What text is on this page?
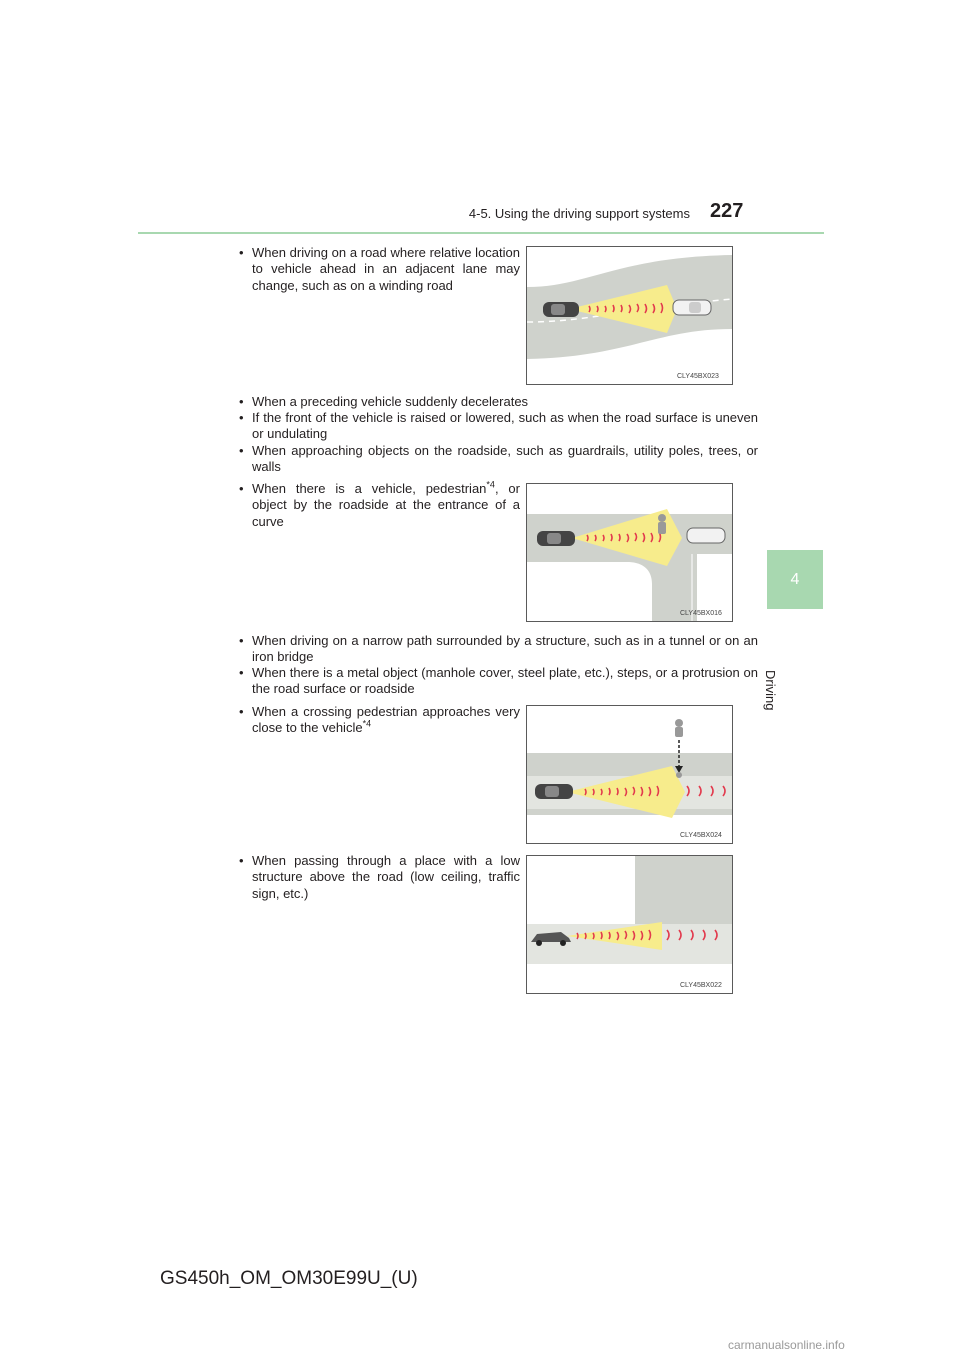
4-5. Using the driving support systems 227
4
Driving
• When driving on a road where relative location to vehicle ahead in an adjacent lane may change, such as on a winding road
CLY45BX023
• When a preceding vehicle suddenly decelerates
• If the front of the vehicle is raised or lowered, such as when the road surface is uneven or undulating
• When approaching objects on the roadside, such as guardrails, utility poles, trees, or walls
• When there is a vehicle, pedestrian$^{*4}$, or object by the roadside at the entrance of a curve
CLY45BX016
• When driving on a narrow path surrounded by a structure, such as in a tunnel or on an iron bridge
• When there is a metal object (manhole cover, steel plate, etc.), steps, or a protrusion on the road surface or roadside
• When a crossing pedestrian approaches very close to the vehicle$^{*4}$
CLY45BX024
• When passing through a place with a low structure above the road (low ceiling, traffic sign, etc.)
CLY45BX022
GS450h_OM_OM30E99U_(U)
carmanualsonline.info
